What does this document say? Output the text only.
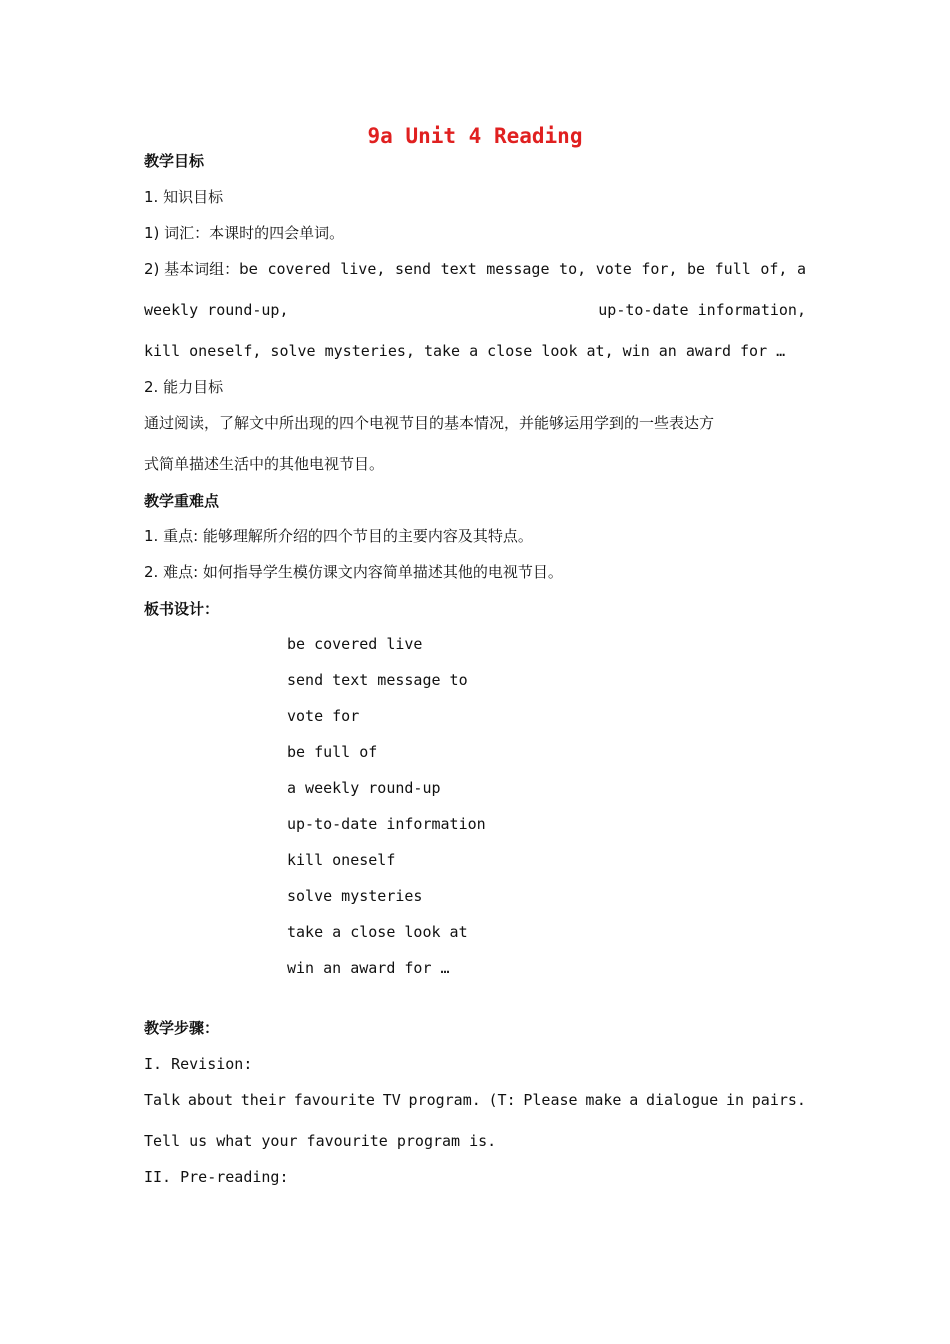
9a Unit 4 Reading
教学目标
1. 知识目标
1) 词汇：本课时的四会单词。
2) 基本词组：be covered live, send text message to, vote for, be full of, a
weekly round-up,	up-to-date information,
kill oneself, solve mysteries, take a close look at, win an award for …
2. 能力目标
通过阅读，了解文中所出现的四个电视节目的基本情况，并能够运用学到的一些表达方
式简单描述生活中的其他电视节目。
教学重难点
1. 重点: 能够理解所介绍的四个节目的主要内容及其特点。
2. 难点: 如何指导学生模仿课文内容简单描述其他的电视节目。
板书设计：
be covered live
send text message to
vote for
be full of
a weekly round-up
up-to-date information
kill oneself
solve mysteries
take a close look at
win an award for …
教学步骤：
I. Revision:
Talk about their favourite TV program. (T: Please make a dialogue in pairs.
Tell us what your favourite program is.
II. Pre-reading:
